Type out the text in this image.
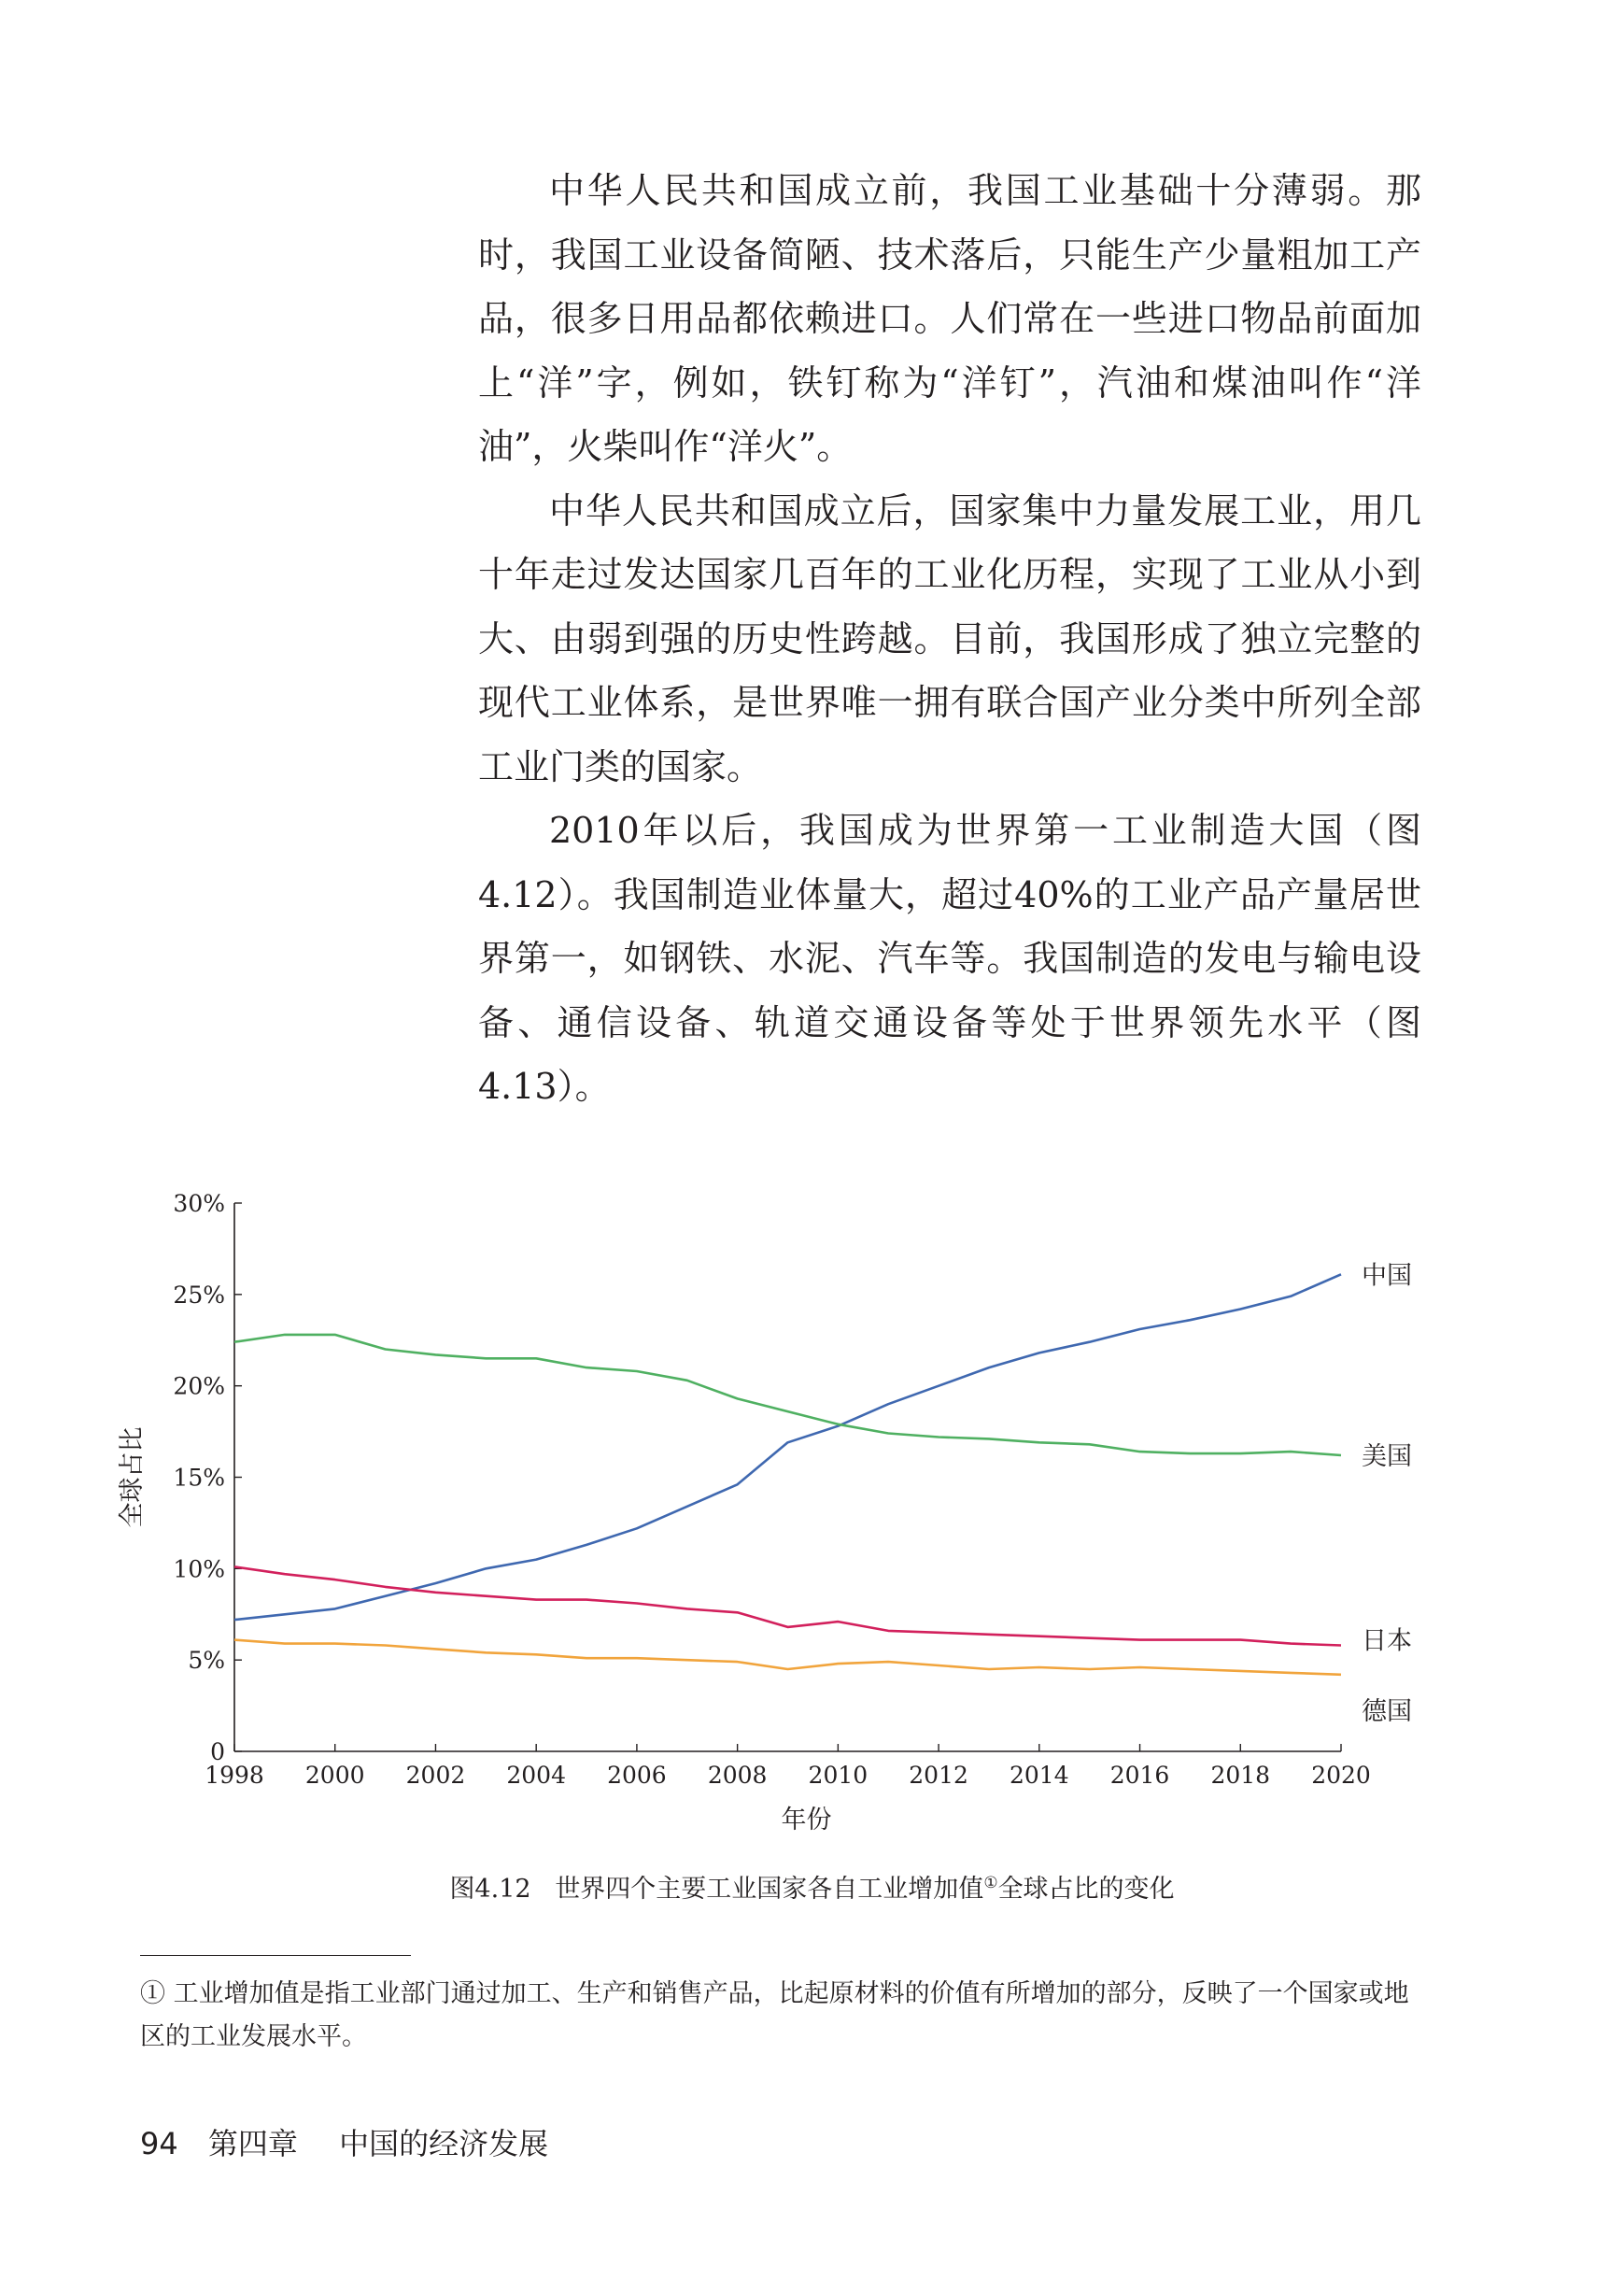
中华人民共和国成立前，我国工业基础十分薄弱。那时，我国工业设备简陋、技术落后，只能生产少量粗加工产品，很多日用品都依赖进口。人们常在一些进口物品前面加上“洋”字，例如，铁钉称为“洋钉”，汽油和煤油叫作“洋油”，火柴叫作“洋火”。

中华人民共和国成立后，国家集中力量发展工业，用几十年走过发达国家几百年的工业化历程，实现了工业从小到大、由弱到强的历史性跨越。目前，我国形成了独立完整的现代工业体系，是世界唯一拥有联合国产业分类中所列全部工业门类的国家。

2010年以后，我国成为世界第一工业制造大国（图4.12）。我国制造业体量大，超过40%的工业产品产量居世界第一，如钢铁、水泥、汽车等。我国制造的发电与输电设备、通信设备、轨道交通设备等处于世界领先水平（图4.13）。

0
5%
10%
15%
20%
25%
30%
1998 2000 2002 2004 2006 2008 2010 2012 2014 2016 2018 2020
年份
全球占比
中国
美国
日本
德国
图4.12 世界四个主要工业国家各自工业增加值①全球占比的变化
① 工业增加值是指工业部门通过加工、生产和销售产品，比起原材料的价值有所增加的部分，反映了一个国家或地区的工业发展水平。
94 第四章 中国的经济发展
